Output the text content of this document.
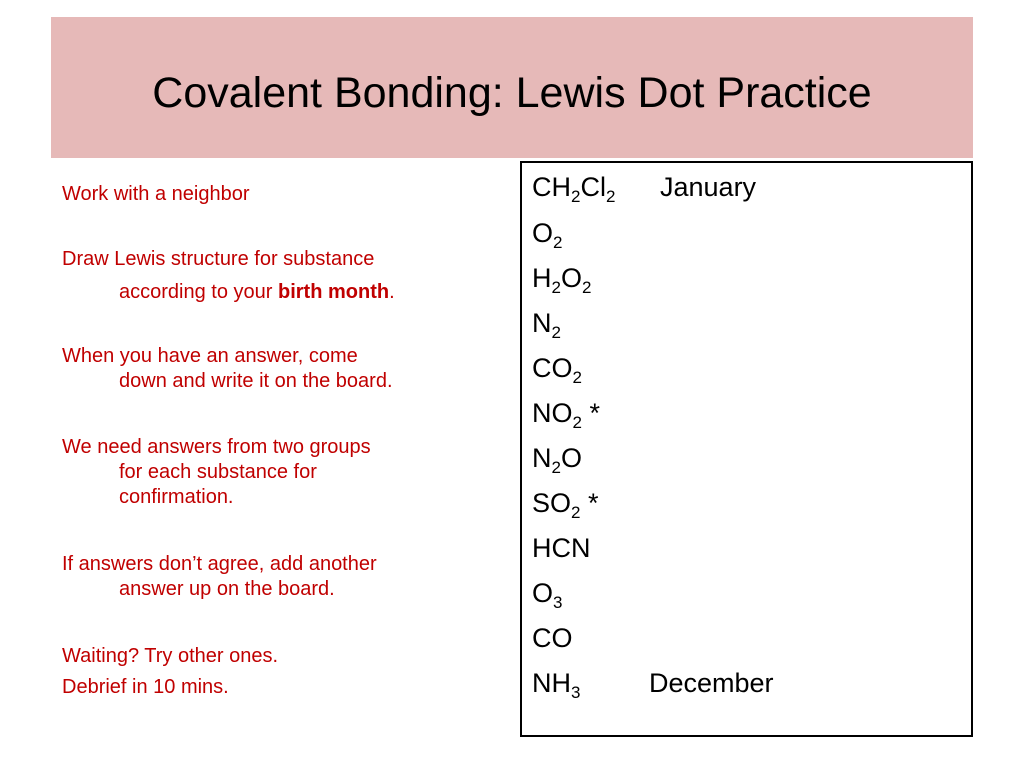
Covalent Bonding: Lewis Dot Practice
Work with a neighbor
Draw Lewis structure for substance
according to your birth month.
When you have an answer, come
down and write it on the board.
We need answers from two groups
for each substance for
confirmation.
If answers don’t agree, add another
answer up on the board.
Waiting? Try other ones.
Debrief in 10 mins.
$CH_2Cl_2$ January
$O_2$
$H_2O_2$
$N_2$
$CO_2$
$NO_2$ *
$N_2O$
$SO_2$ *
HCN
$O_3$
CO
$NH_3$	December
